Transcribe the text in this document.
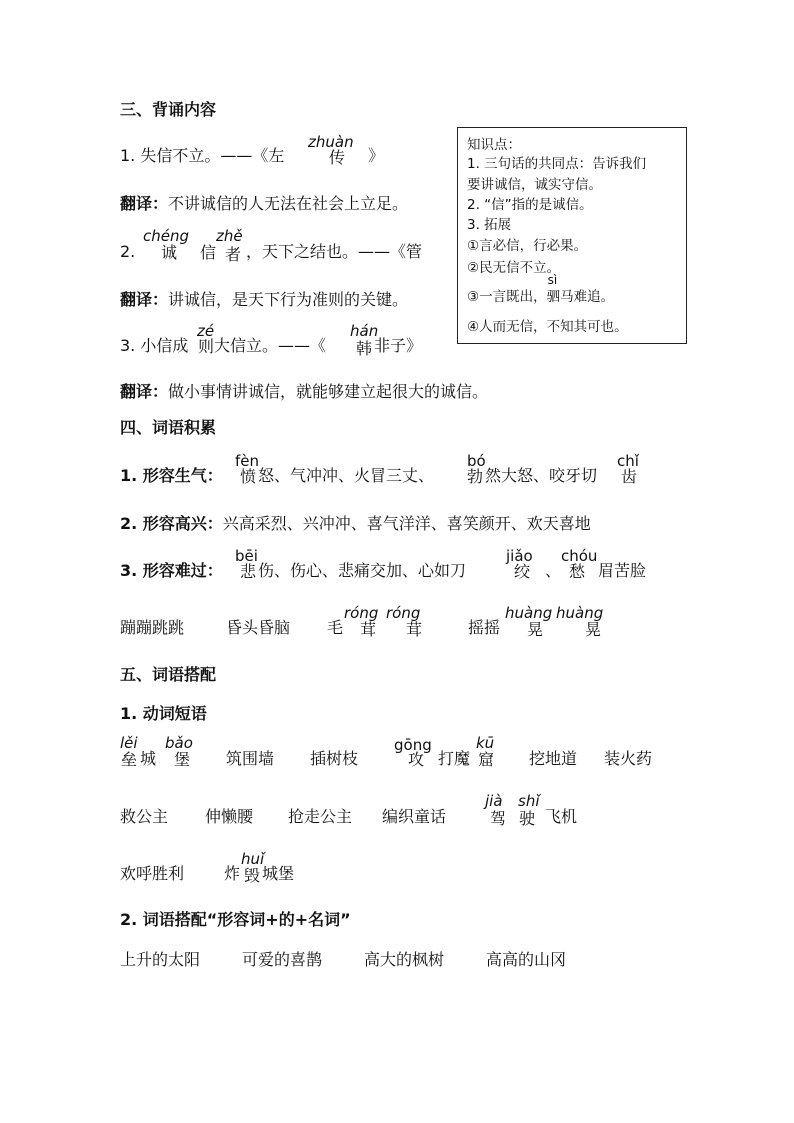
三、背诵内容
1. 失信不立。——《左
zhuàn
传 》
翻译：不讲诚信的人无法在社会上立足。
2.
chéng
诚 信
zhě
者 ，天下之结也。——《管
翻译：讲诚信，是天下行为准则的关键。
3. 小信成
zé
则 大信立。——《
hán
韩 非子》
翻译：做小事情讲诚信，就能够建立起很大的诚信。
知识点：
1. 三句话的共同点：告诉我们
要讲诚信，诚实守信。
2. “信”指的是诚信。
3. 拓展
①言必信，行必果。
②民无信不立。
③一言既出，
sì
驷马难追。
④人而无信，不知其可也。
四、词语积累
1. 形容生气：
fèn
愤 怒、气冲冲、火冒三丈、
bó
勃 然大怒、咬牙切
chǐ
齿
2. 形容高兴：兴高采烈、兴冲冲、喜气洋洋、喜笑颜开、欢天喜地
3. 形容难过：
bēi
悲 伤、伤心、悲痛交加、心如刀
jiǎo
绞 、
chóu
愁 眉苦脸
蹦蹦跳跳	昏头昏脑 毛
róng
茸
róng
茸	摇摇
huàng
晃
huàng
晃
五、词语搭配
1. 动词短语
lěi
垒 城
bǎo
堡 筑围墙 插树枝
gōng
攻 打魔
kū
窟 挖地道 装火药
救公主 伸懒腰 抢走公主 编织童话
jià
驾
shǐ
驶 飞机
欢呼胜利 炸
huǐ
毁 城堡
2. 词语搭配“形容词+的+名词”
上升的太阳	可爱的喜鹊	高大的枫树	高高的山冈
